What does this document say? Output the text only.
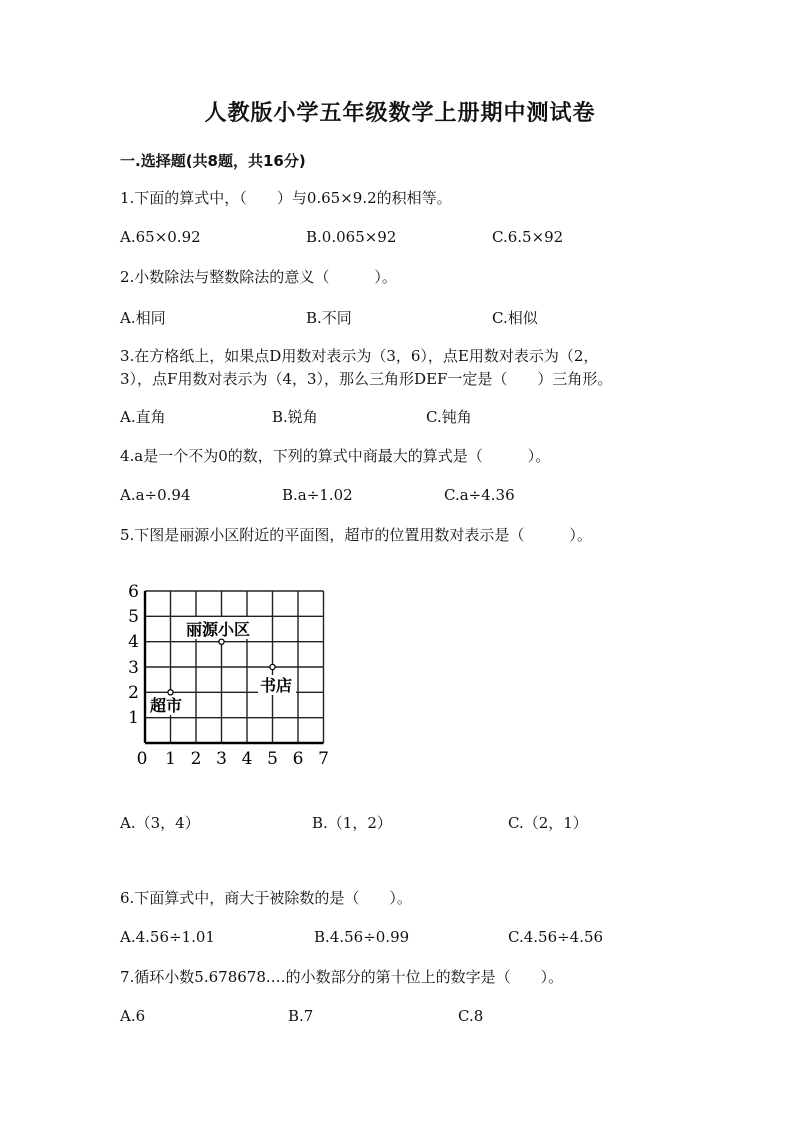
人教版小学五年级数学上册期中测试卷
一.选择题(共8题，共16分)
1.下面的算式中，（　　）与0.65×9.2的积相等。
A.65×0.92	B.0.065×92	C.6.5×92
2.小数除法与整数除法的意义（　　　）。
A.相同	B.不同	C.相似
3.在方格纸上，如果点D用数对表示为（3，6），点E用数对表示为（2，
3），点F用数对表示为（4，3），那么三角形DEF一定是（　　）三角形。
A.直角	B.锐角	C.钝角
4.a是一个不为0的数，下列的算式中商最大的算式是（　　　）。
A.a÷0.94	B.a÷1.02	C.a÷4.36
5.下图是丽源小区附近的平面图，超市的位置用数对表示是（　　　）。
丽源小区
书店
超市
1
2
3
4
5
6
0 1 2 3 4 5 6 7
A.（3，4）	B.（1，2）	C.（2，1）
6.下面算式中，商大于被除数的是（　　）。
A.4.56÷1.01	B.4.56÷0.99	C.4.56÷4.56
7.循环小数5.678678.…的小数部分的第十位上的数字是（　　）。
A.6	B.7	C.8
